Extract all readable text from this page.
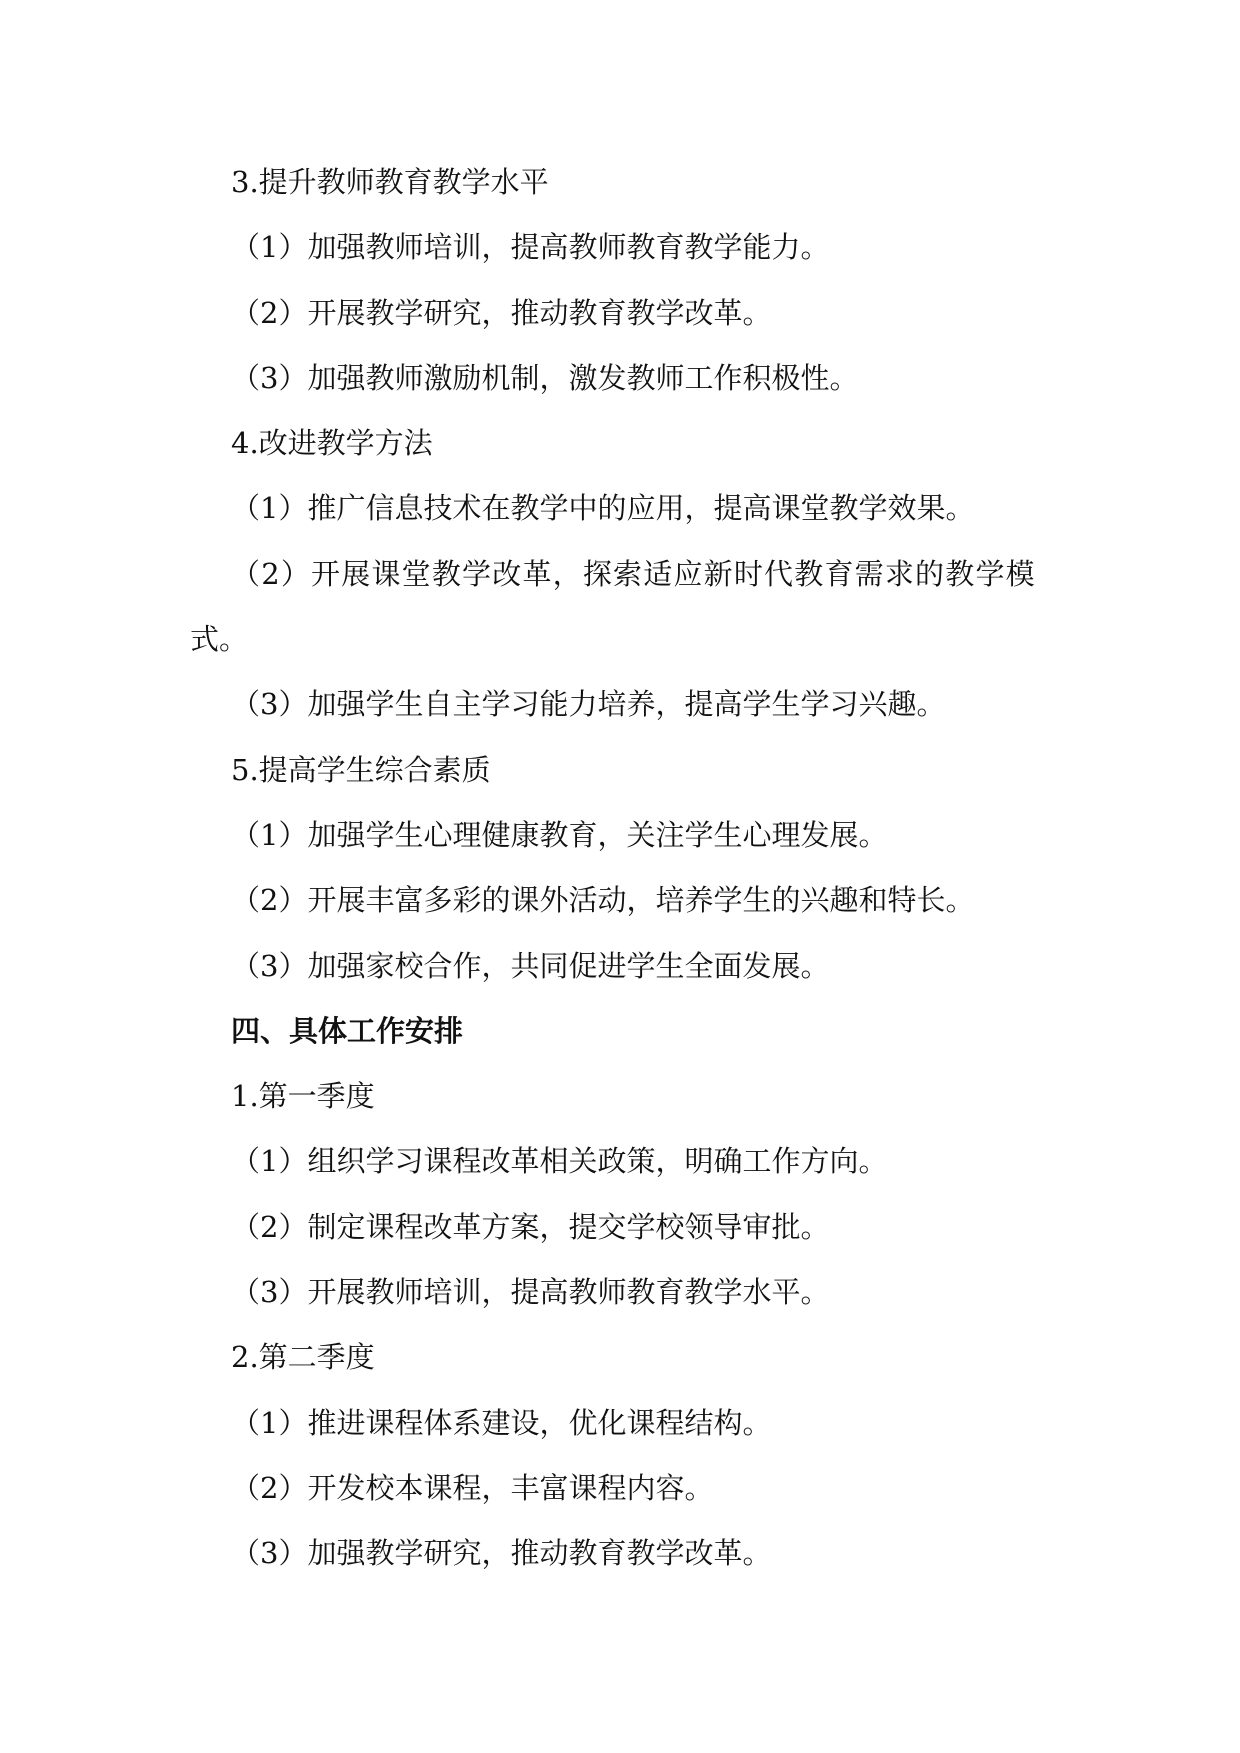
3.提升教师教育教学水平
（1）加强教师培训，提高教师教育教学能力。
（2）开展教学研究，推动教育教学改革。
（3）加强教师激励机制，激发教师工作积极性。
4.改进教学方法
（1）推广信息技术在教学中的应用，提高课堂教学效果。
（2）开展课堂教学改革，探索适应新时代教育需求的教学模
式。
（3）加强学生自主学习能力培养，提高学生学习兴趣。
5.提高学生综合素质
（1）加强学生心理健康教育，关注学生心理发展。
（2）开展丰富多彩的课外活动，培养学生的兴趣和特长。
（3）加强家校合作，共同促进学生全面发展。
四、具体工作安排
1.第一季度
（1）组织学习课程改革相关政策，明确工作方向。
（2）制定课程改革方案，提交学校领导审批。
（3）开展教师培训，提高教师教育教学水平。
2.第二季度
（1）推进课程体系建设，优化课程结构。
（2）开发校本课程，丰富课程内容。
（3）加强教学研究，推动教育教学改革。
